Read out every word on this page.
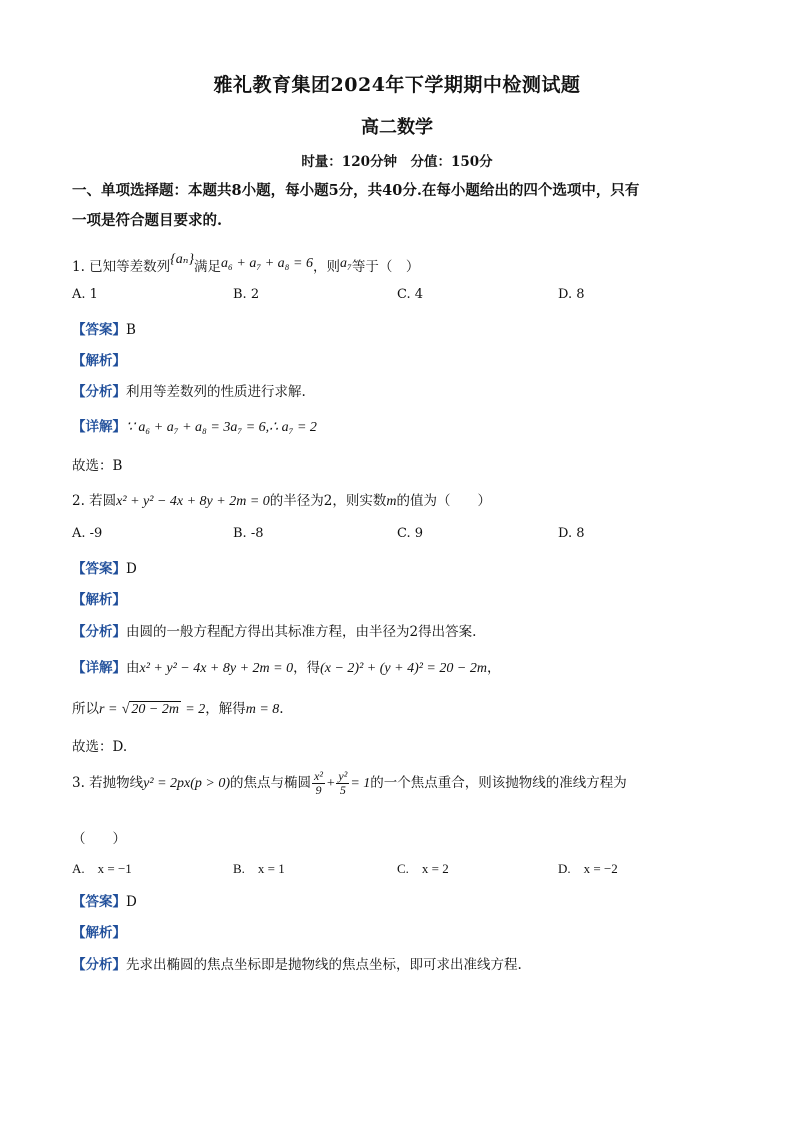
雅礼教育集团2024年下学期期中检测试题
高二数学
时量：120分钟　分值：150分
一、单项选择题：本题共8小题，每小题5分，共40分.在每小题给出的四个选项中，只有
一项是符合题目要求的.
1. 已知等差数列{aₙ}满足a₆ + a₇ + a₈ = 6，则a₇等于（　）
A. 1	B. 2	C. 4	D. 8
【答案】B
【解析】
【分析】利用等差数列的性质进行求解.
【详解】∵ a₆ + a₇ + a₈ = 3a₇ = 6,∴ a₇ = 2
故选：B
2. 若圆x² + y² − 4x + 8y + 2m = 0的半径为2，则实数m的值为（　　）
A. -9	B. -8	C. 9	D. 8
【答案】D
【解析】
【分析】由圆的一般方程配方得出其标准方程，由半径为2得出答案.
【详解】由x² + y² − 4x + 8y + 2m = 0，得(x − 2)² + (y + 4)² = 20 − 2m，
所以r = √ 20 − 2m = 2，解得m = 8.
故选：D.
3. 若抛物线y² = 2px(p > 0)的焦点与椭圆 $\frac{\text{x²}}{9} + \frac{\text{y²}}{5} = 1$的一个焦点重合，则该抛物线的准线方程为
（　　）
A.　x = −1	B.　x = 1	C.　x = 2	D.　x = −2
【答案】D
【解析】
【分析】先求出椭圆的焦点坐标即是抛物线的焦点坐标，即可求出准线方程.
